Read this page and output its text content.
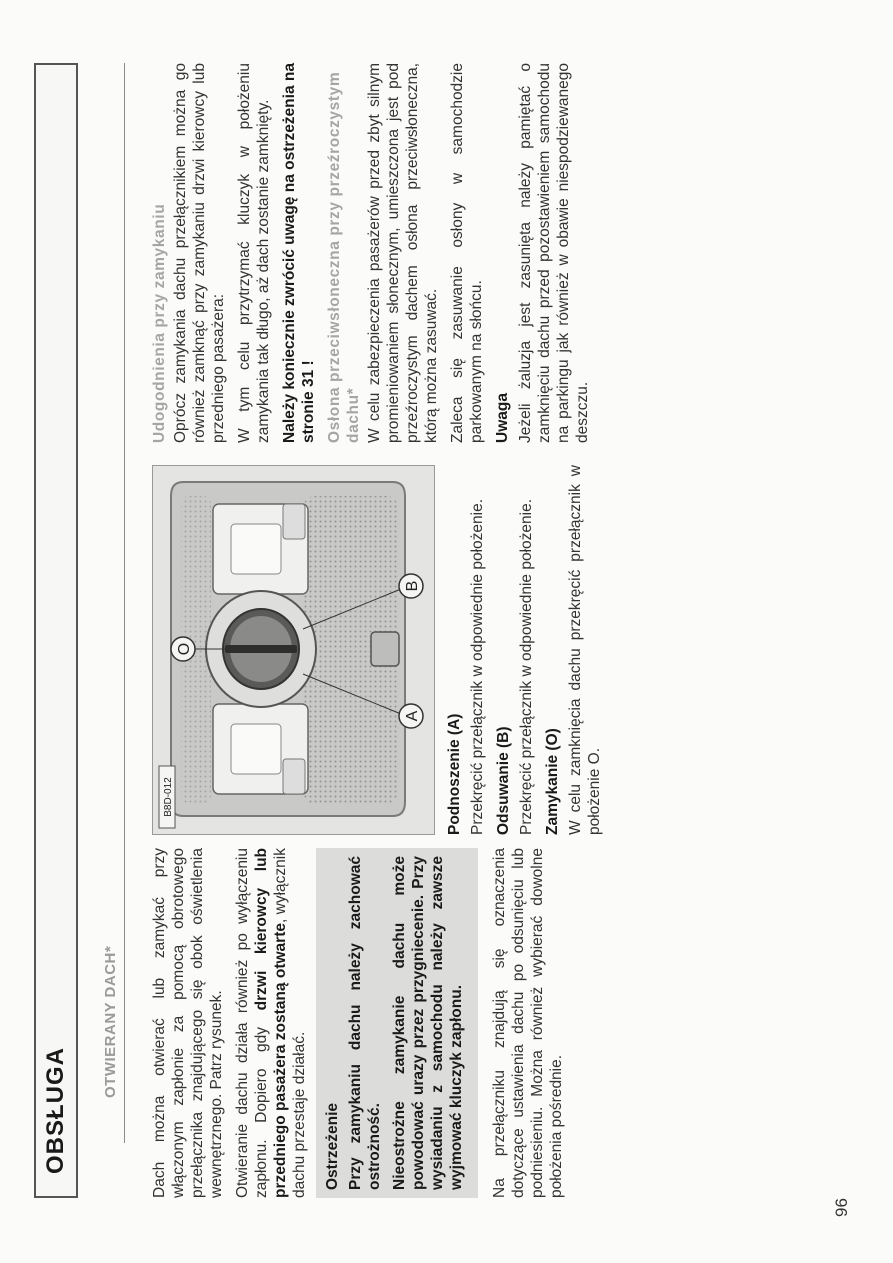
OBSŁUGA
OTWIERANY DACH* Dach można otwierać lub zamykać przy włączonym zapłonie za pomocą obrotowego przełącznika znajdującego się obok oświetlenia wewnętrznego. Patrz rysunek. Otwieranie dachu działa również po wyłączeniu zapłonu. Dopiero gdy drzwi kierowcy lub przedniego pasażera zostaną otwarte, wyłącznik dachu przestaje działać. Ostrzeżenie Przy zamykaniu dachu należy zachować ostrożność. Nieostrożne zamykanie dachu może powodować urazy przez przygniecenie. Przy wysiadaniu z samochodu należy zawsze wyjmować kluczyk zapłonu. Na przełączniku znajdują się oznaczenia dotyczące ustawienia dachu po odsunięciu lub podniesieniu. Można również wybierać dowolne położenia pośrednie.

A
B
O
B8D-012	Podnoszenie (A) Przekręcić przełącznik w odpowiednie położenie. Odsuwanie (B) Przekręcić przełącznik w odpowiednie położenie. Zamykanie (O) W celu zamknięcia dachu przekręcić przełącznik w położenie O.

Udogodnienia przy zamykaniu Oprócz zamykania dachu przełącznikiem można go również zamknąć przy zamykaniu drzwi kierowcy lub przedniego pasażera: W tym celu przytrzymać kluczyk w położeniu zamykania tak długo, aż dach zostanie zamknięty. Należy koniecznie zwrócić uwagę na ostrzeżenia na stronie 31 ! Osłona przeciwsłoneczna przy przeźroczystym dachu* W celu zabezpieczenia pasażerów przed zbyt silnym promieniowaniem słonecznym, umieszczona jest pod przeźroczystym dachem osłona przeciwsłoneczna, którą można zasuwać. Zaleca się zasuwanie osłony w samochodzie parkowanym na słońcu. Uwaga Jeżeli żaluzja jest zasunięta należy pamiętać o zamknięciu dachu przed pozostawieniem samochodu na parkingu jak również w obawie niespodziewanego deszczu.

96
